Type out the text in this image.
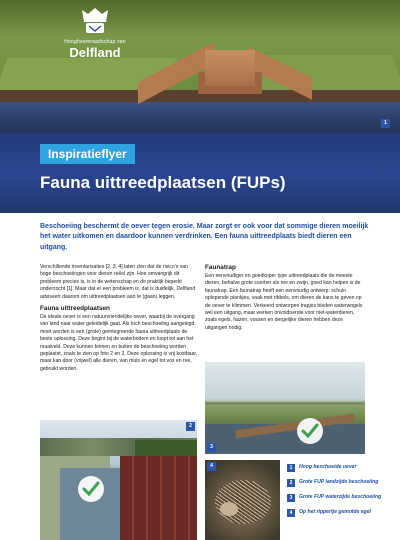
Hoogheemraadschap van
Delfland
1
Inspiratieflyer
Fauna uittreedplaatsen (FUPs)
Beschoeiing beschermt de oever tegen erosie. Maar zorgt er ook voor dat sommige dieren moeilijk het water uitkomen en daardoor kunnen verdrinken. Een fauna uittreedplaats biedt dieren een uitgang.

Verschillende inventarisaties [2, 3, 4] laten zien dat de risico's van hoge beschoeiingen voor dieren reëel zijn. Hoe omvangrijk dit probleem precies is, is in de wetenschap en de praktijk beperkt onderzocht [1]. Maar dat er een probleem is, dat is duidelijk. Delfland adviseert daarom om uittreedplaatsen aan te (gaan) leggen.

Fauna uittreedplaatsen

De ideale oever is een natuurvriendelijke oever, waarbij de overgang van land naar water geleidelijk gaat. Als toch beschoeiing aangelegd moet worden is een (grote) geïntegreerde fauna uittreedplaats de beste oplossing. Deze begint bij de waterbodem en loopt tot aan het maaiveld. Deze kunnen binnen en buiten de beschoeiing worden geplaatst, zoals te zien op foto 2 en 3. Deze oplossing is vrij kostbaar, maar kan door (vrijwel) alle dieren, van muis en egel tot vos en ree, gebruikt worden.

Faunatrap

Een eenvoudiger en goedkoper type uittreedplaats die de meeste dieren, behalve grote soorten als ree en zwijn, goed kan helpen is de faunatrap. Een faunatrap heeft een eenvoudig ontwerp: schuin oplopende plankjes, vaak met ribbels, om dieren de kans te geven op de oever te klimmen. Verkeerd ontworpen trapjes bieden waterwogels wel een uitgang, maar werken onvoldoende voor niet-waterdieren, zoals egels, hazen, vossen en dergelijke dieren hebben deze uitgangen nodig.

3
2
4	1	Hoog beschoeide oever
2	Grote FUP landzijde beschoeiing
3	Grote FUP waterzijde beschoeiing
4	Op het rippertje gemolde egel
